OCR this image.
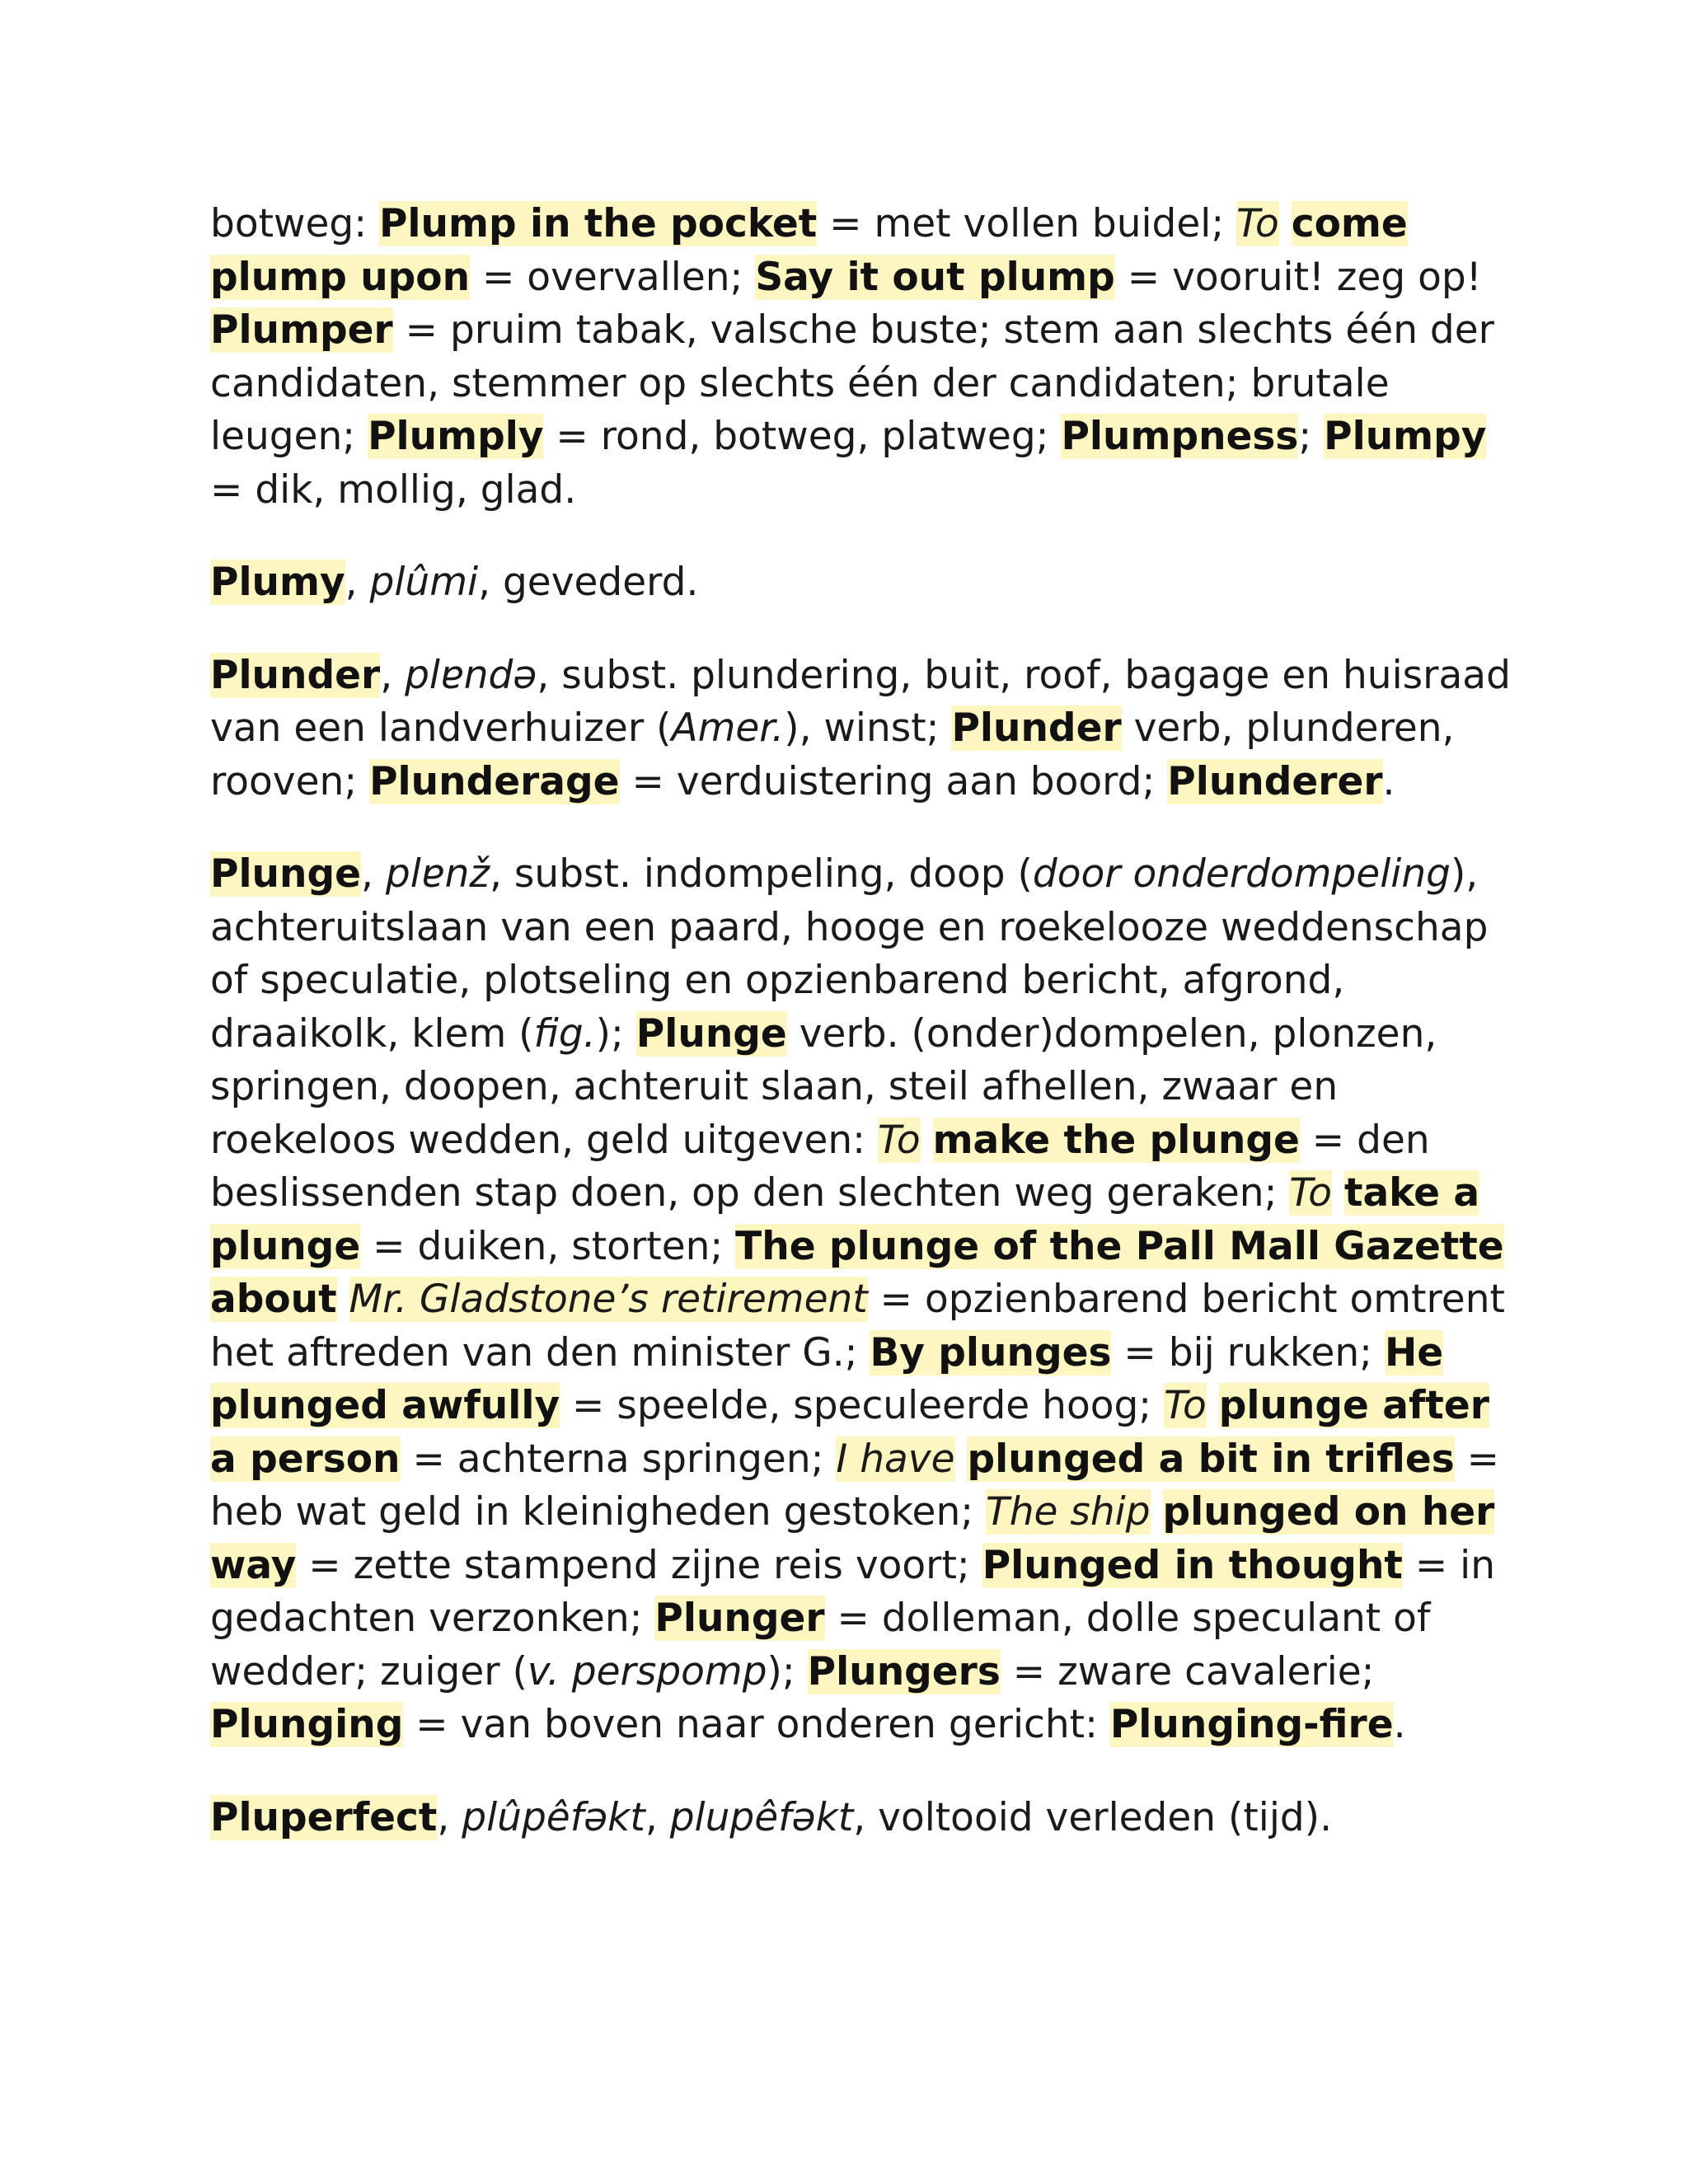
botweg: Plump in the pocket = met vollen buidel; To come plump upon = overvallen; Say it out plump = vooruit! zeg op! Plumper = pruim tabak, valsche buste; stem aan slechts één der candidaten, stemmer op slechts één der candidaten; brutale leugen; Plumply = rond, botweg, platweg; Plumpness; Plumpy = dik, mollig, glad.

Plumy, plûmi, gevederd.

Plunder, plɐndə, subst. plundering, buit, roof, bagage en huisraad van een landverhuizer (Amer.), winst; Plunder verb, plunderen, rooven; Plunderage = verduistering aan boord; Plunderer.

Plunge, plɐnž, subst. indompeling, doop (door onderdompeling), achteruitslaan van een paard, hooge en roekelooze weddenschap of speculatie, plotseling en opzienbarend bericht, afgrond, draaikolk, klem (fig.); Plunge verb. (onder)dompelen, plonzen, springen, doopen, achteruit slaan, steil afhellen, zwaar en roekeloos wedden, geld uitgeven: To make the plunge = den beslissenden stap doen, op den slechten weg geraken; To take a plunge = duiken, storten; The plunge of the Pall Mall Gazette about Mr. Gladstone’s retirement = opzienbarend bericht omtrent het aftreden van den minister G.; By plunges = bij rukken; He plunged awfully = speelde, speculeerde hoog; To plunge after a person = achterna springen; I have plunged a bit in trifles = heb wat geld in kleinigheden gestoken; The ship plunged on her way = zette stampend zijne reis voort; Plunged in thought = in gedachten verzonken; Plunger = dolleman, dolle speculant of wedder; zuiger (v. perspomp); Plungers = zware cavalerie; Plunging = van boven naar onderen gericht: Plunging-fire.

Pluperfect, plûpêfəkt, plupêfəkt, voltooid verleden (tijd).
